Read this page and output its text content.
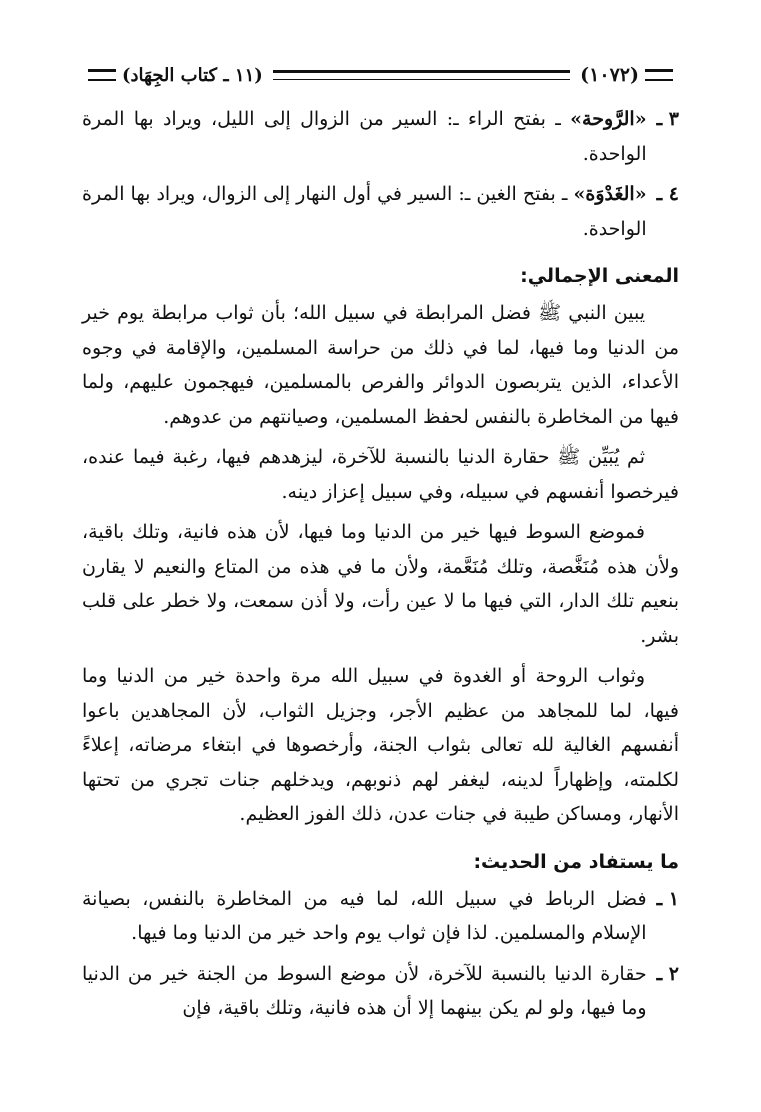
(١٠٧٢)
(١١ ـ كتاب الجِهَاد)
٣ ـ
«الرَّوحة» ـ بفتح الراء ـ: السير من الزوال إلى الليل، ويراد بها المرة الواحدة.
٤ ـ
«الغَدْوَة» ـ بفتح الغين ـ: السير في أول النهار إلى الزوال، ويراد بها المرة الواحدة.
المعنى الإجمالي:

يبين النبي ﷺ فضل المرابطة في سبيل الله؛ بأن ثواب مرابطة يوم خير من الدنيا وما فيها، لما في ذلك من حراسة المسلمين، والإقامة في وجوه الأعداء، الذين يتربصون الدوائر والفرص بالمسلمين، فيهجمون عليهم، ولما فيها من المخاطرة بالنفس لحفظ المسلمين، وصيانتهم من عدوهم.

ثم يُبَيِّن ﷺ حقارة الدنيا بالنسبة للآخرة، ليزهدهم فيها، رغبة فيما عنده، فيرخصوا أنفسهم في سبيله، وفي سبيل إعزاز دينه.

فموضع السوط فيها خير من الدنيا وما فيها، لأن هذه فانية، وتلك باقية، ولأن هذه مُنَغَّصة، وتلك مُنَعَّمة، ولأن ما في هذه من المتاع والنعيم لا يقارن بنعيم تلك الدار، التي فيها ما لا عين رأت، ولا أذن سمعت، ولا خطر على قلب بشر.

وثواب الروحة أو الغدوة في سبيل الله مرة واحدة خير من الدنيا وما فيها، لما للمجاهد من عظيم الأجر، وجزيل الثواب، لأن المجاهدين باعوا أنفسهم الغالية لله تعالى بثواب الجنة، وأرخصوها في ابتغاء مرضاته، إعلاءً لكلمته، وإظهاراً لدينه، ليغفر لهم ذنوبهم، ويدخلهم جنات تجري من تحتها الأنهار، ومساكن طيبة في جنات عدن، ذلك الفوز العظيم.

ما يستفاد من الحديث:
١ ـ
فضل الرباط في سبيل الله، لما فيه من المخاطرة بالنفس، بصيانة الإسلام والمسلمين. لذا فإن ثواب يوم واحد خير من الدنيا وما فيها.
٢ ـ
حقارة الدنيا بالنسبة للآخرة، لأن موضع السوط من الجنة خير من الدنيا وما فيها، ولو لم يكن بينهما إلا أن هذه فانية، وتلك باقية، فإن
